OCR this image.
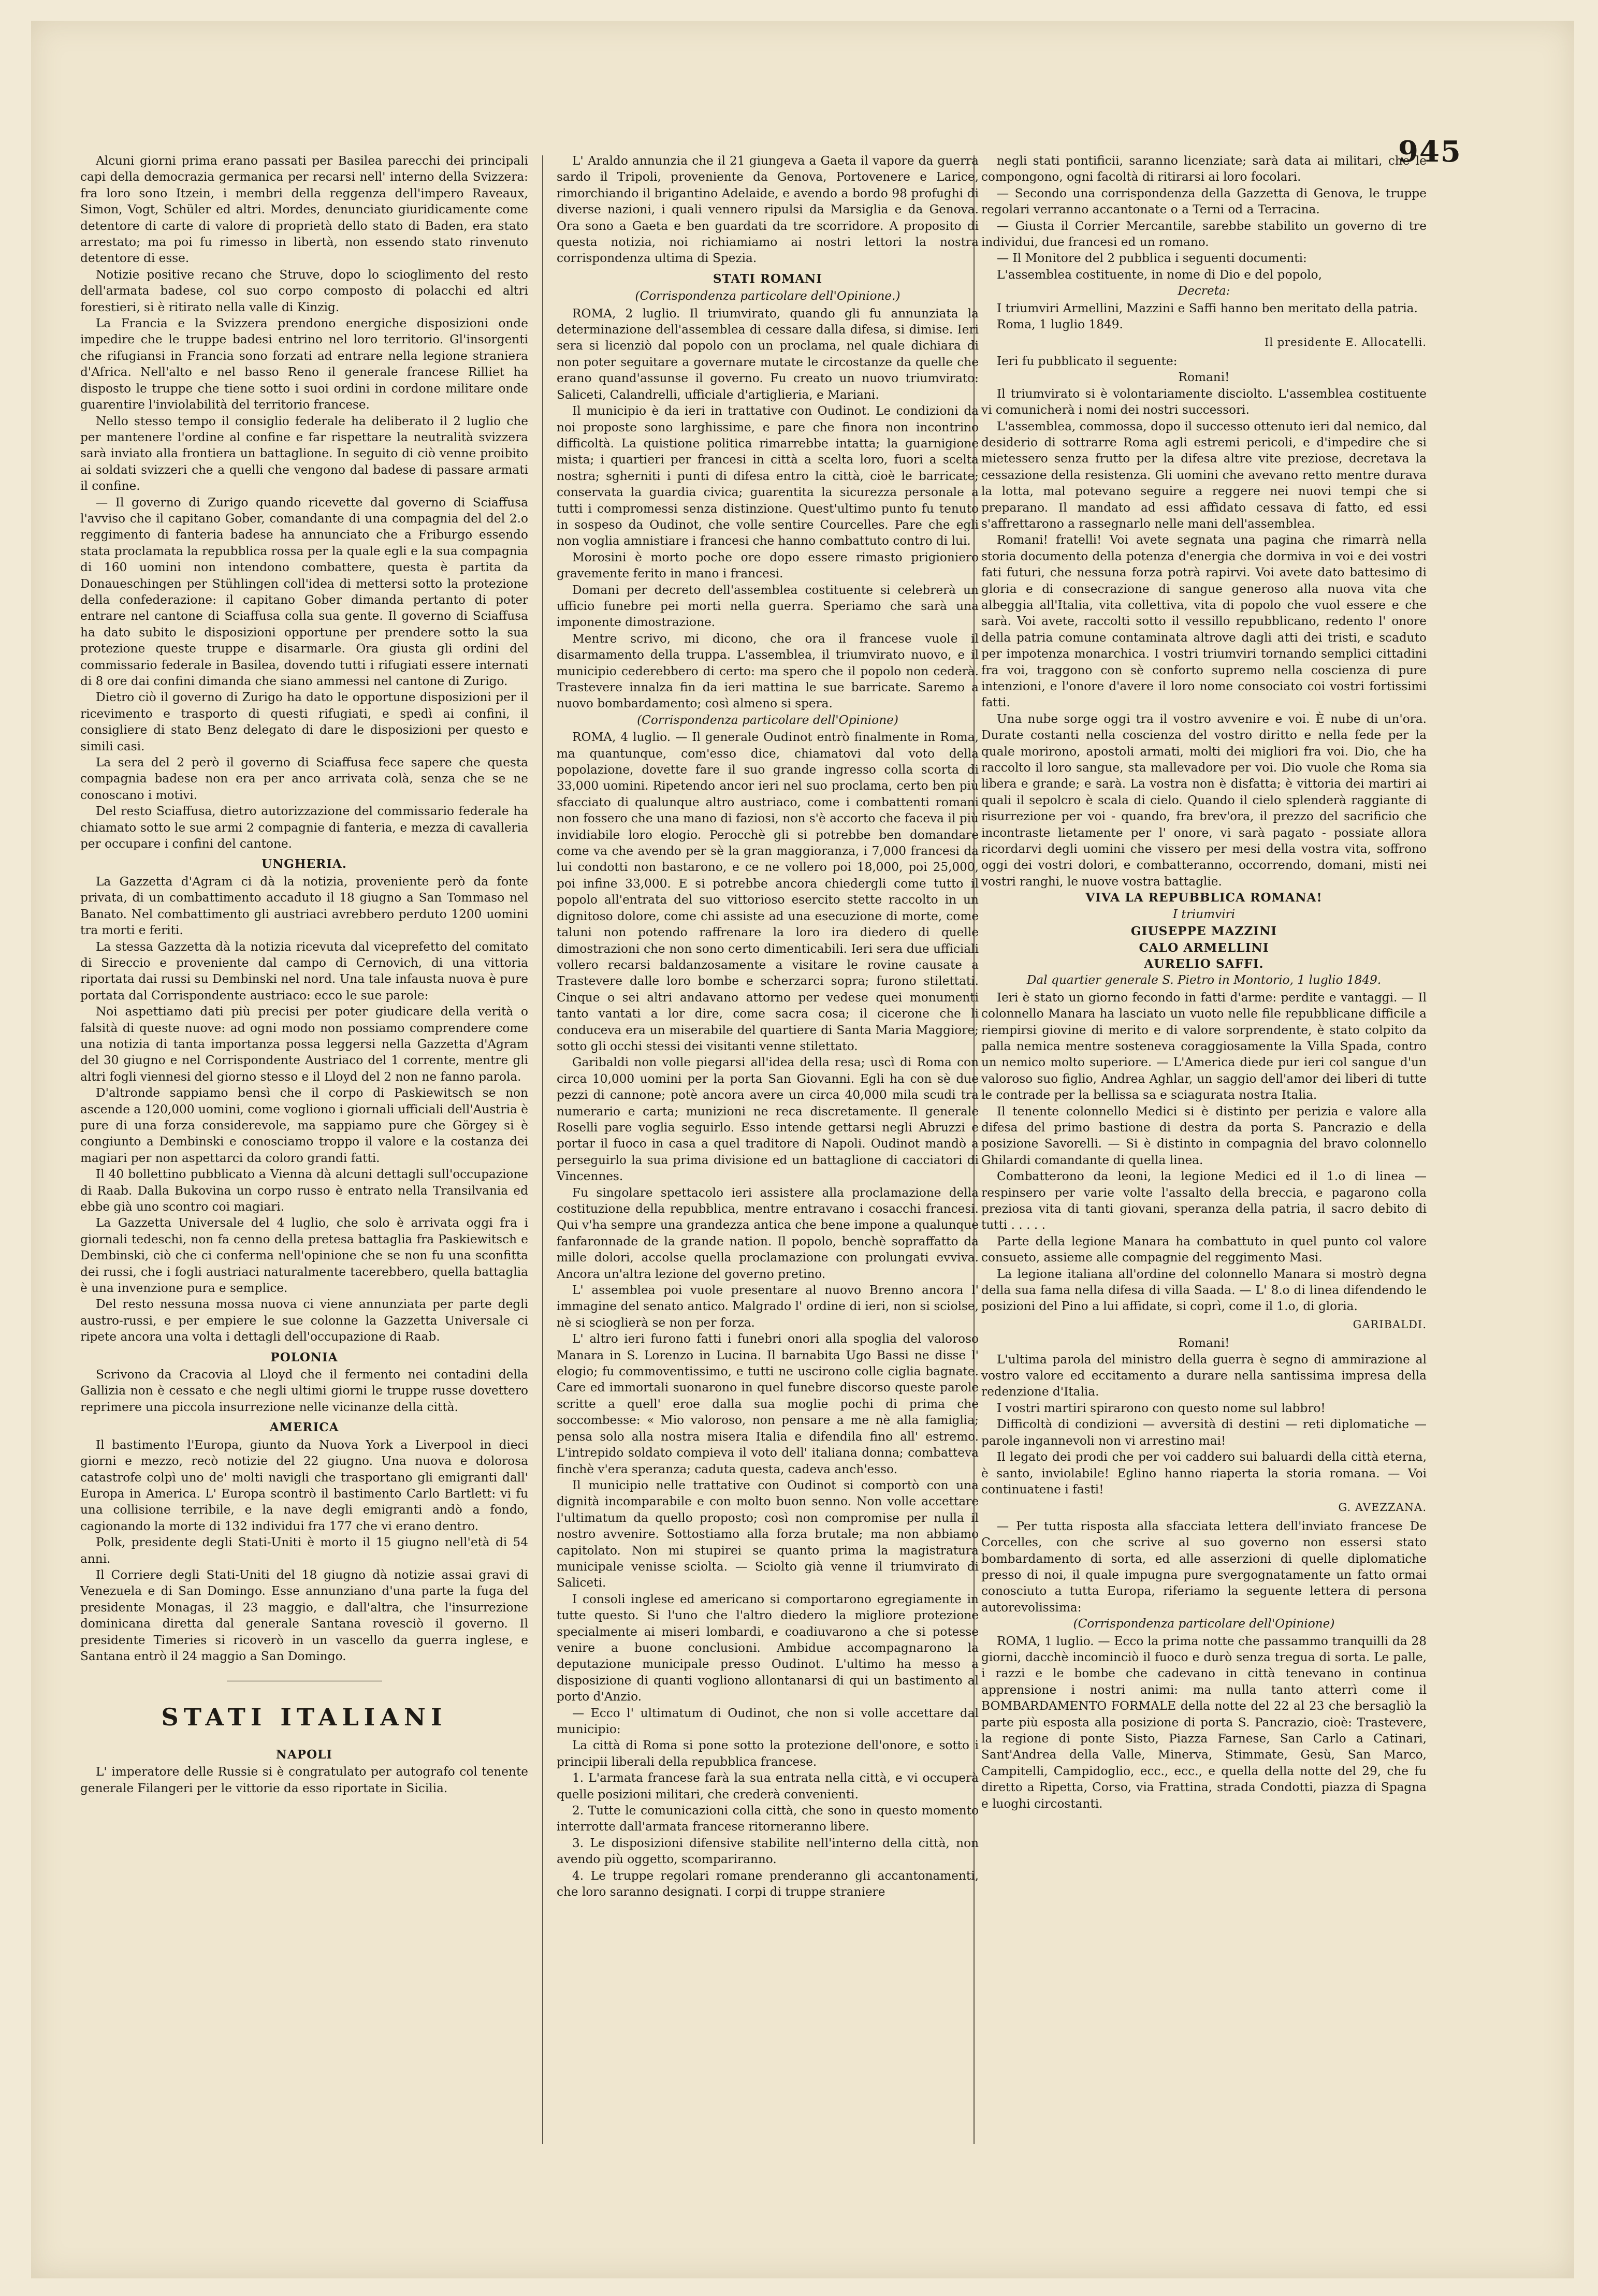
945

Alcuni giorni prima erano passati per Basilea parecchi dei principali capi della democrazia germanica per recarsi nell' interno della Svizzera: fra loro sono Itzein, i membri della reggenza dell'impero Raveaux, Simon, Vogt, Schüler ed altri. Mordes, denunciato giuridicamente come detentore di carte di valore di proprietà dello stato di Baden, era stato arrestato; ma poi fu rimesso in libertà, non essendo stato rinvenuto detentore di esse.

Notizie positive recano che Struve, dopo lo scioglimento del resto dell'armata badese, col suo corpo composto di polacchi ed altri forestieri, si è ritirato nella valle di Kinzig.

La Francia e la Svizzera prendono energiche disposizioni onde impedire che le truppe badesi entrino nel loro territorio. Gl'insorgenti che rifugiansi in Francia sono forzati ad entrare nella legione straniera d'Africa. Nell'alto e nel basso Reno il generale francese Rilliet ha disposto le truppe che tiene sotto i suoi ordini in cordone militare onde guarentire l'inviolabilità del territorio francese.

Nello stesso tempo il consiglio federale ha deliberato il 2 luglio che per mantenere l'ordine al confine e far rispettare la neutralità svizzera sarà inviato alla frontiera un battaglione. In seguito di ciò venne proibito ai soldati svizzeri che a quelli che vengono dal badese di passare armati il confine.

— Il governo di Zurigo quando ricevette dal governo di Sciaffusa l'avviso che il capitano Gober, comandante di una compagnia del del 2.o reggimento di fanteria badese ha annunciato che a Friburgo essendo stata proclamata la repubblica rossa per la quale egli e la sua compagnia di 160 uomini non intendono combattere, questa è partita da Donaueschingen per Stühlingen coll'idea di mettersi sotto la protezione della confederazione: il capitano Gober dimanda pertanto di poter entrare nel cantone di Sciaffusa colla sua gente. Il governo di Sciaffusa ha dato subito le disposizioni opportune per prendere sotto la sua protezione queste truppe e disarmarle. Ora giusta gli ordini del commissario federale in Basilea, dovendo tutti i rifugiati essere internati di 8 ore dai confini dimanda che siano ammessi nel cantone di Zurigo.

Dietro ciò il governo di Zurigo ha dato le opportune disposizioni per il ricevimento e trasporto di questi rifugiati, e spedì ai confini, il consigliere di stato Benz delegato di dare le disposizioni per questo e simili casi.

La sera del 2 però il governo di Sciaffusa fece sapere che questa compagnia badese non era per anco arrivata colà, senza che se ne conoscano i motivi.

Del resto Sciaffusa, dietro autorizzazione del commissario federale ha chiamato sotto le sue armi 2 compagnie di fanteria, e mezza di cavalleria per occupare i confini del cantone.

UNGHERIA.

La Gazzetta d'Agram ci dà la notizia, proveniente però da fonte privata, di un combattimento accaduto il 18 giugno a San Tommaso nel Banato. Nel combattimento gli austriaci avrebbero perduto 1200 uomini tra morti e feriti.

La stessa Gazzetta dà la notizia ricevuta dal viceprefetto del comitato di Sireccio e proveniente dal campo di Cernovich, di una vittoria riportata dai russi su Dembinski nel nord. Una tale infausta nuova è pure portata dal Corrispondente austriaco: ecco le sue parole:

Noi aspettiamo dati più precisi per poter giudicare della verità o falsità di queste nuove: ad ogni modo non possiamo comprendere come una notizia di tanta importanza possa leggersi nella Gazzetta d'Agram del 30 giugno e nel Corrispondente Austriaco del 1 corrente, mentre gli altri fogli viennesi del giorno stesso e il Lloyd del 2 non ne fanno parola.

D'altronde sappiamo bensì che il corpo di Paskiewitsch se non ascende a 120,000 uomini, come vogliono i giornali ufficiali dell'Austria è pure di una forza considerevole, ma sappiamo pure che Görgey si è congiunto a Dembinski e conosciamo troppo il valore e la costanza dei magiari per non aspettarci da coloro grandi fatti.

Il 40 bollettino pubblicato a Vienna dà alcuni dettagli sull'occupazione di Raab. Dalla Bukovina un corpo russo è entrato nella Transilvania ed ebbe già uno scontro coi magiari.

La Gazzetta Universale del 4 luglio, che solo è arrivata oggi fra i giornali tedeschi, non fa cenno della pretesa battaglia fra Paskiewitsch e Dembinski, ciò che ci conferma nell'opinione che se non fu una sconfitta dei russi, che i fogli austriaci naturalmente tacerebbero, quella battaglia è una invenzione pura e semplice.

Del resto nessuna mossa nuova ci viene annunziata per parte degli austro-russi, e per empiere le sue colonne la Gazzetta Universale ci ripete ancora una volta i dettagli dell'occupazione di Raab.

POLONIA

Scrivono da Cracovia al Lloyd che il fermento nei contadini della Gallizia non è cessato e che negli ultimi giorni le truppe russe dovettero reprimere una piccola insurrezione nelle vicinanze della città.

AMERICA

Il bastimento l'Europa, giunto da Nuova York a Liverpool in dieci giorni e mezzo, recò notizie del 22 giugno. Una nuova e dolorosa catastrofe colpì uno de' molti navigli che trasportano gli emigranti dall' Europa in America. L' Europa scontrò il bastimento Carlo Bartlett: vi fu una collisione terribile, e la nave degli emigranti andò a fondo, cagionando la morte di 132 individui fra 177 che vi erano dentro.

Polk, presidente degli Stati-Uniti è morto il 15 giugno nell'età di 54 anni.

Il Corriere degli Stati-Uniti del 18 giugno dà notizie assai gravi di Venezuela e di San Domingo. Esse annunziano d'una parte la fuga del presidente Monagas, il 23 maggio, e dall'altra, che l'insurrezione dominicana diretta dal generale Santana rovesciò il governo. Il presidente Timeries si ricoverò in un vascello da guerra inglese, e Santana entrò il 24 maggio a San Domingo.

STATI ITALIANI

NAPOLI

L' imperatore delle Russie si è congratulato per autografo col tenente generale Filangeri per le vittorie da esso riportate in Sicilia.

L' Araldo annunzia che il 21 giungeva a Gaeta il vapore da guerra sardo il Tripoli, proveniente da Genova, Portovenere e Larice, rimorchiando il brigantino Adelaide, e avendo a bordo 98 profughi di diverse nazioni, i quali vennero ripulsi da Marsiglia e da Genova. Ora sono a Gaeta e ben guardati da tre scorridore. A proposito di questa notizia, noi richiamiamo ai nostri lettori la nostra corrispondenza ultima di Spezia.

STATI ROMANI

(Corrispondenza particolare dell'Opinione.)

ROMA, 2 luglio. Il triumvirato, quando gli fu annunziata la determinazione dell'assemblea di cessare dalla difesa, si dimise. Ieri sera si licenziò dal popolo con un proclama, nel quale dichiara di non poter seguitare a governare mutate le circostanze da quelle che erano quand'assunse il governo. Fu creato un nuovo triumvirato: Saliceti, Calandrelli, ufficiale d'artiglieria, e Mariani.

Il municipio è da ieri in trattative con Oudinot. Le condizioni da noi proposte sono larghissime, e pare che finora non incontrino difficoltà. La quistione politica rimarrebbe intatta; la guarnigione mista; i quartieri per francesi in città a scelta loro, fuori a scelta nostra; sgherniti i punti di difesa entro la città, cioè le barricate; conservata la guardia civica; guarentita la sicurezza personale a tutti i compromessi senza distinzione. Quest'ultimo punto fu tenuto in sospeso da Oudinot, che volle sentire Courcelles. Pare che egli non voglia amnistiare i francesi che hanno combattuto contro di lui.

Morosini è morto poche ore dopo essere rimasto prigioniero gravemente ferito in mano i francesi.

Domani per decreto dell'assemblea costituente si celebrerà un ufficio funebre pei morti nella guerra. Speriamo che sarà una imponente dimostrazione.

Mentre scrivo, mi dicono, che ora il francese vuole il disarmamento della truppa. L'assemblea, il triumvirato nuovo, e il municipio cederebbero di certo: ma spero che il popolo non cederà. Trastevere innalza fin da ieri mattina le sue barricate. Saremo a nuovo bombardamento; così almeno si spera.

(Corrispondenza particolare dell'Opinione)

ROMA, 4 luglio. — Il generale Oudinot entrò finalmente in Roma, ma quantunque, com'esso dice, chiamatovi dal voto della popolazione, dovette fare il suo grande ingresso colla scorta di 33,000 uomini. Ripetendo ancor ieri nel suo proclama, certo ben più sfacciato di qualunque altro austriaco, come i combattenti romani non fossero che una mano di faziosi, non s'è accorto che faceva il più invidiabile loro elogio. Perocchè gli si potrebbe ben domandare come va che avendo per sè la gran maggioranza, i 7,000 francesi da lui condotti non bastarono, e ce ne vollero poi 18,000, poi 25,000, poi infine 33,000. E si potrebbe ancora chiedergli come tutto il popolo all'entrata del suo vittorioso esercito stette raccolto in un dignitoso dolore, come chi assiste ad una esecuzione di morte, come taluni non potendo raffrenare la loro ira diedero di quelle dimostrazioni che non sono certo dimenticabili. Ieri sera due ufficiali vollero recarsi baldanzosamente a visitare le rovine causate a Trastevere dalle loro bombe e scherzarci sopra; furono stilettati. Cinque o sei altri andavano attorno per vedese quei monumenti tanto vantati a lor dire, come sacra cosa; il cicerone che li conduceva era un miserabile del quartiere di Santa Maria Maggiore; sotto gli occhi stessi dei visitanti venne stilettato.

Garibaldi non volle piegarsi all'idea della resa; uscì di Roma con circa 10,000 uomini per la porta San Giovanni. Egli ha con sè due pezzi di cannone; potè ancora avere un circa 40,000 mila scudi tra numerario e carta; munizioni ne reca discretamente. Il generale Roselli pare voglia seguirlo. Esso intende gettarsi negli Abruzzi e portar il fuoco in casa a quel traditore di Napoli. Oudinot mandò a perseguirlo la sua prima divisione ed un battaglione di cacciatori di Vincennes.

Fu singolare spettacolo ieri assistere alla proclamazione della costituzione della repubblica, mentre entravano i cosacchi francesi. Qui v'ha sempre una grandezza antica che bene impone a qualunque fanfaronnade de la grande nation. Il popolo, benchè sopraffatto da mille dolori, accolse quella proclamazione con prolungati evviva. Ancora un'altra lezione del governo pretino.

L' assemblea poi vuole presentare al nuovo Brenno ancora l' immagine del senato antico. Malgrado l' ordine di ieri, non si sciolse, nè si scioglierà se non per forza.

L' altro ieri furono fatti i funebri onori alla spoglia del valoroso Manara in S. Lorenzo in Lucina. Il barnabita Ugo Bassi ne disse l' elogio; fu commoventissimo, e tutti ne uscirono colle ciglia bagnate. Care ed immortali suonarono in quel funebre discorso queste parole scritte a quell' eroe dalla sua moglie pochi di prima che soccombesse: « Mio valoroso, non pensare a me nè alla famiglia; pensa solo alla nostra misera Italia e difendila fino all' estremo. L'intrepido soldato compieva il voto dell' italiana donna; combatteva finchè v'era speranza; caduta questa, cadeva anch'esso.

Il municipio nelle trattative con Oudinot si comportò con una dignità incomparabile e con molto buon senno. Non volle accettare l'ultimatum da quello proposto; così non compromise per nulla il nostro avvenire. Sottostiamo alla forza brutale; ma non abbiamo capitolato. Non mi stupirei se quanto prima la magistratura municipale venisse sciolta. — Sciolto già venne il triumvirato di Saliceti.

I consoli inglese ed americano si comportarono egregiamente in tutte questo. Si l'uno che l'altro diedero la migliore protezione specialmente ai miseri lombardi, e coadiuvarono a che si potesse venire a buone conclusioni. Ambidue accompagnarono la deputazione municipale presso Oudinot. L'ultimo ha messo a disposizione di quanti vogliono allontanarsi di qui un bastimento al porto d'Anzio.

— Ecco l' ultimatum di Oudinot, che non si volle accettare dal municipio:

La città di Roma si pone sotto la protezione dell'onore, e sotto i principii liberali della repubblica francese.

1. L'armata francese farà la sua entrata nella città, e vi occuperà quelle posizioni militari, che crederà convenienti.

2. Tutte le comunicazioni colla città, che sono in questo momento interrotte dall'armata francese ritorneranno libere.

3. Le disposizioni difensive stabilite nell'interno della città, non avendo più oggetto, scompariranno.

4. Le truppe regolari romane prenderanno gli accantonamenti, che loro saranno designati. I corpi di truppe straniere

negli stati pontificii, saranno licenziate; sarà data ai militari, che le compongono, ogni facoltà di ritirarsi ai loro focolari.

— Secondo una corrispondenza della Gazzetta di Genova, le truppe regolari verranno accantonate o a Terni od a Terracina.

— Giusta il Corrier Mercantile, sarebbe stabilito un governo di tre individui, due francesi ed un romano.

— Il Monitore del 2 pubblica i seguenti documenti:

L'assemblea costituente, in nome di Dio e del popolo,

Decreta:

I triumviri Armellini, Mazzini e Saffi hanno ben meritato della patria.

Roma, 1 luglio 1849.

Il presidente E. Allocatelli.

Ieri fu pubblicato il seguente:

Romani!

Il triumvirato si è volontariamente disciolto. L'assemblea costituente vi comunicherà i nomi dei nostri successori.

L'assemblea, commossa, dopo il successo ottenuto ieri dal nemico, dal desiderio di sottrarre Roma agli estremi pericoli, e d'impedire che si mietessero senza frutto per la difesa altre vite preziose, decretava la cessazione della resistenza. Gli uomini che avevano retto mentre durava la lotta, mal potevano seguire a reggere nei nuovi tempi che si preparano. Il mandato ad essi affidato cessava di fatto, ed essi s'affrettarono a rassegnarlo nelle mani dell'assemblea.

Romani! fratelli! Voi avete segnata una pagina che rimarrà nella storia documento della potenza d'energia che dormiva in voi e dei vostri fati futuri, che nessuna forza potrà rapirvi. Voi avete dato battesimo di gloria e di consecrazione di sangue generoso alla nuova vita che albeggia all'Italia, vita collettiva, vita di popolo che vuol essere e che sarà. Voi avete, raccolti sotto il vessillo repubblicano, redento l' onore della patria comune contaminata altrove dagli atti dei tristi, e scaduto per impotenza monarchica. I vostri triumviri tornando semplici cittadini fra voi, traggono con sè conforto supremo nella coscienza di pure intenzioni, e l'onore d'avere il loro nome consociato coi vostri fortissimi fatti.

Una nube sorge oggi tra il vostro avvenire e voi. È nube di un'ora. Durate costanti nella coscienza del vostro diritto e nella fede per la quale morirono, apostoli armati, molti dei migliori fra voi. Dio, che ha raccolto il loro sangue, sta mallevadore per voi. Dio vuole che Roma sia libera e grande; e sarà. La vostra non è disfatta; è vittoria dei martiri ai quali il sepolcro è scala di cielo. Quando il cielo splenderà raggiante di risurrezione per voi - quando, fra brev'ora, il prezzo del sacrificio che incontraste lietamente per l' onore, vi sarà pagato - possiate allora ricordarvi degli uomini che vissero per mesi della vostra vita, soffrono oggi dei vostri dolori, e combatteranno, occorrendo, domani, misti nei vostri ranghi, le nuove vostra battaglie.

VIVA LA REPUBBLICA ROMANA!

I triumviri

GIUSEPPE MAZZINI

CALO ARMELLINI

AURELIO SAFFI.

Dal quartier generale S. Pietro in Montorio, 1 luglio 1849.

Ieri è stato un giorno fecondo in fatti d'arme: perdite e vantaggi. — Il colonnello Manara ha lasciato un vuoto nelle file repubblicane difficile a riempirsi giovine di merito e di valore sorprendente, è stato colpito da palla nemica mentre sosteneva coraggiosamente la Villa Spada, contro un nemico molto superiore. — L'America diede pur ieri col sangue d'un valoroso suo figlio, Andrea Aghlar, un saggio dell'amor dei liberi di tutte le contrade per la bellissa sa e sciagurata nostra Italia.

Il tenente colonnello Medici si è distinto per perizia e valore alla difesa del primo bastione di destra da porta S. Pancrazio e della posizione Savorelli. — Si è distinto in compagnia del bravo colonnello Ghilardi comandante di quella linea.

Combatterono da leoni, la legione Medici ed il 1.o di linea — respinsero per varie volte l'assalto della breccia, e pagarono colla preziosa vita di tanti giovani, speranza della patria, il sacro debito di tutti . . . . .

Parte della legione Manara ha combattuto in quel punto col valore consueto, assieme alle compagnie del reggimento Masi.

La legione italiana all'ordine del colonnello Manara si mostrò degna della sua fama nella difesa di villa Saada. — L' 8.o di linea difendendo le posizioni del Pino a lui affidate, si coprì, come il 1.o, di gloria.

GARIBALDI.

Romani!

L'ultima parola del ministro della guerra è segno di ammirazione al vostro valore ed eccitamento a durare nella santissima impresa della redenzione d'Italia.

I vostri martiri spirarono con questo nome sul labbro!

Difficoltà di condizioni — avversità di destini — reti diplomatiche — parole ingannevoli non vi arrestino mai!

Il legato dei prodi che per voi caddero sui baluardi della città eterna, è santo, inviolabile! Eglino hanno riaperta la storia romana. — Voi continuatene i fasti!

G. AVEZZANA.

— Per tutta risposta alla sfacciata lettera dell'inviato francese De Corcelles, con che scrive al suo governo non essersi stato bombardamento di sorta, ed alle asserzioni di quelle diplomatiche presso di noi, il quale impugna pure svergognatamente un fatto ormai conosciuto a tutta Europa, riferiamo la seguente lettera di persona autorevolissima:

(Corrispondenza particolare dell'Opinione)

ROMA, 1 luglio. — Ecco la prima notte che passammo tranquilli da 28 giorni, dacchè incominciò il fuoco e durò senza tregua di sorta. Le palle, i razzi e le bombe che cadevano in città tenevano in continua apprensione i nostri animi: ma nulla tanto atterrì come il BOMBARDAMENTO FORMALE della notte del 22 al 23 che bersagliò la parte più esposta alla posizione di porta S. Pancrazio, cioè: Trastevere, la regione di ponte Sisto, Piazza Farnese, San Carlo a Catinari, Sant'Andrea della Valle, Minerva, Stimmate, Gesù, San Marco, Campitelli, Campidoglio, ecc., ecc., e quella della notte del 29, che fu diretto a Ripetta, Corso, via Frattina, strada Condotti, piazza di Spagna e luoghi circostanti.
